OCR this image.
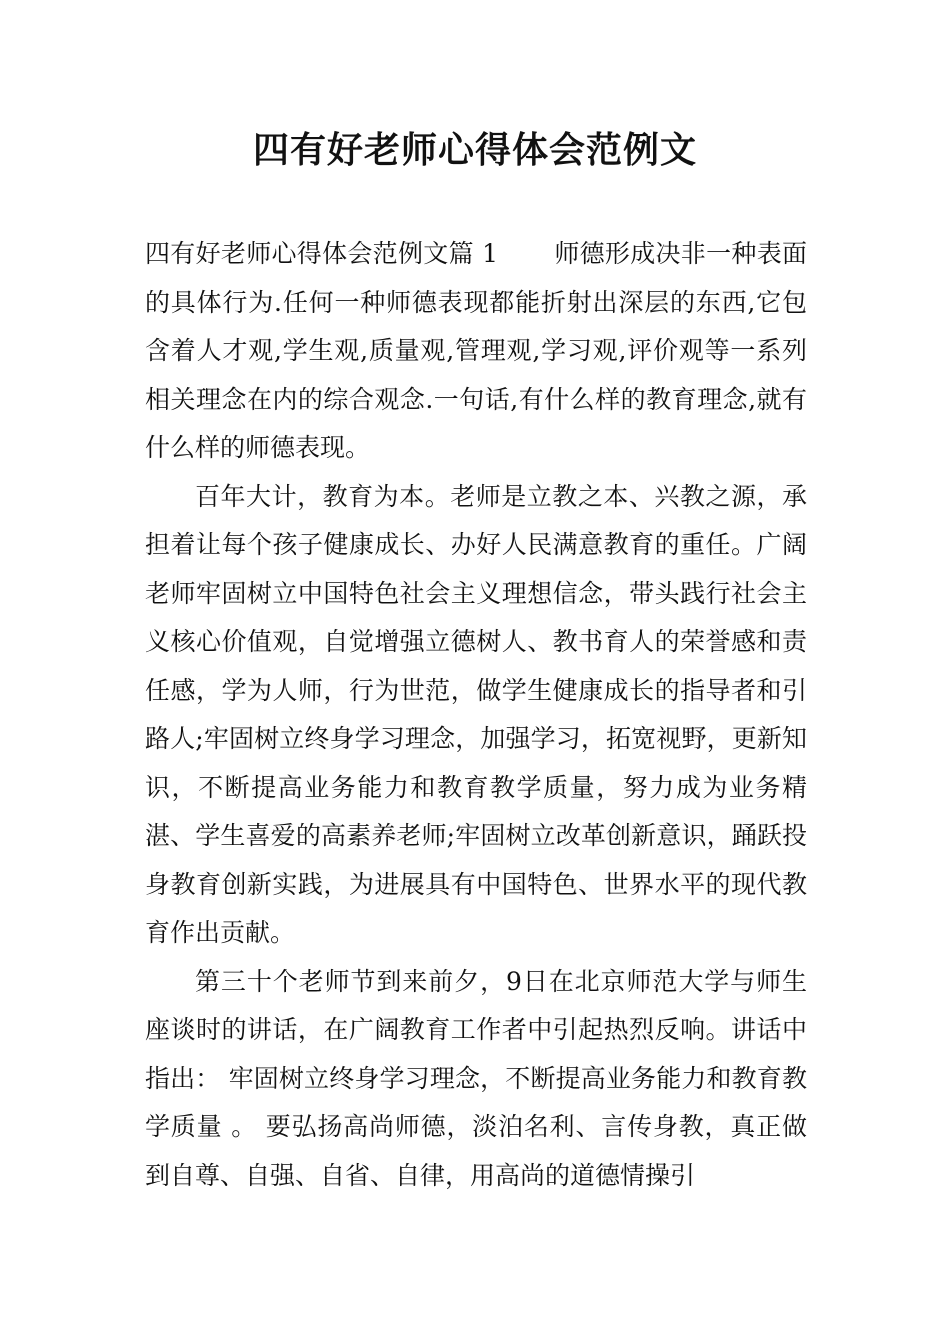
四有好老师心得体会范例文

四有好老师心得体会范例文篇 1 师德形成决非一种表面的具体行为.任何一种师德表现都能折射出深层的东西,它包含着人才观,学生观,质量观,管理观,学习观,评价观等一系列相关理念在内的综合观念.一句话,有什么样的教育理念,就有什么样的师德表现。

百年大计，教育为本。老师是立教之本、兴教之源，承担着让每个孩子健康成长、办好人民满意教育的重任。广阔老师牢固树立中国特色社会主义理想信念，带头践行社会主义核心价值观，自觉增强立德树人、教书育人的荣誉感和责任感，学为人师，行为世范，做学生健康成长的指导者和引路人;牢固树立终身学习理念，加强学习，拓宽视野，更新知识，不断提高业务能力和教育教学质量，努力成为业务精湛、学生喜爱的高素养老师;牢固树立改革创新意识，踊跃投身教育创新实践，为进展具有中国特色、世界水平的现代教育作出贡献。

第三十个老师节到来前夕，9日在北京师范大学与师生座谈时的讲话，在广阔教育工作者中引起热烈反响。讲话中指出： 牢固树立终身学习理念，不断提高业务能力和教育教学质量 。 要弘扬高尚师德，淡泊名利、言传身教，真正做到自尊、自强、自省、自律，用高尚的道德情操引
